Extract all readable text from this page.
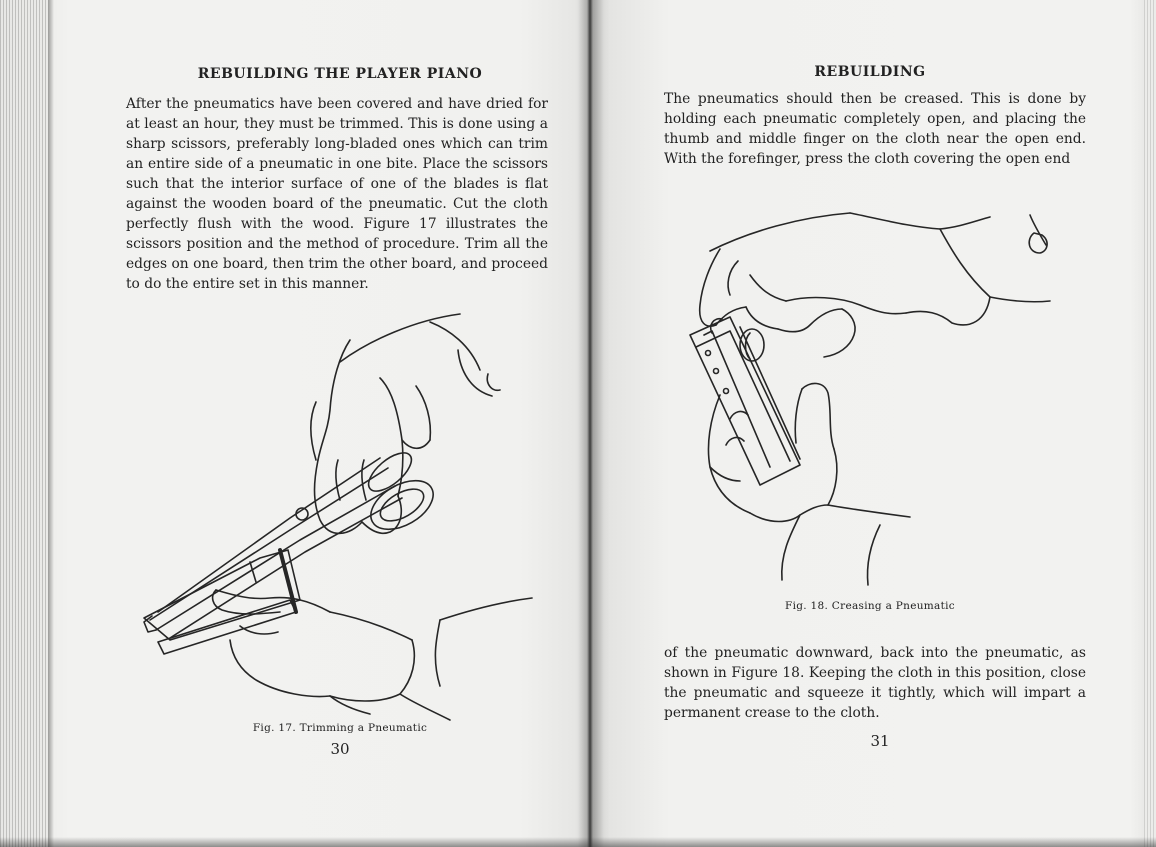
REBUILDING THE PLAYER PIANO

After the pneumatics have been covered and have dried for at least an hour, they must be trimmed. This is done using a sharp scissors, preferably long-bladed ones which can trim an entire side of a pneumatic in one bite. Place the scissors such that the interior surface of one of the blades is flat against the wooden board of the pneumatic. Cut the cloth perfectly flush with the wood. Figure 17 illustrates the scissors position and the method of procedure. Trim all the edges on one board, then trim the other board, and proceed to do the entire set in this manner.

Fig. 17. Trimming a Pneumatic

30

REBUILDING

The pneumatics should then be creased. This is done by holding each pneumatic completely open, and placing the thumb and middle finger on the cloth near the open end. With the forefinger, press the cloth covering the open end

Fig. 18. Creasing a Pneumatic

of the pneumatic downward, back into the pneumatic, as shown in Figure 18. Keeping the cloth in this position, close the pneumatic and squeeze it tightly, which will impart a permanent crease to the cloth.

31
